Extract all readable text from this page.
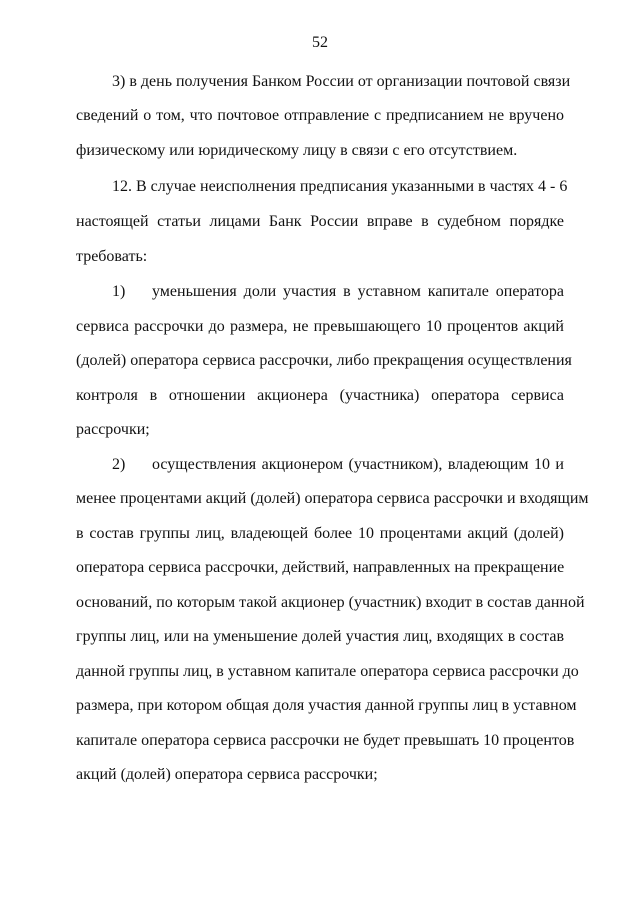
52
3) в день получения Банком России от организации почтовой связи
сведений о том, что почтовое отправление с предписанием не вручено
физическому или юридическому лицу в связи с его отсутствием.
12. В случае неисполнения предписания указанными в частях 4 - 6
настоящей статьи лицами Банк России вправе в судебном порядке
требовать:
1) уменьшения доли участия в уставном капитале оператора
сервиса рассрочки до размера, не превышающего 10 процентов акций
(долей) оператора сервиса рассрочки, либо прекращения осуществления
контроля в отношении акционера (участника) оператора сервиса
рассрочки;
2) осуществления акционером (участником), владеющим 10 и
менее процентами акций (долей) оператора сервиса рассрочки и входящим
в состав группы лиц, владеющей более 10 процентами акций (долей)
оператора сервиса рассрочки, действий, направленных на прекращение
оснований, по которым такой акционер (участник) входит в состав данной
группы лиц, или на уменьшение долей участия лиц, входящих в состав
данной группы лиц, в уставном капитале оператора сервиса рассрочки до
размера, при котором общая доля участия данной группы лиц в уставном
капитале оператора сервиса рассрочки не будет превышать 10 процентов
акций (долей) оператора сервиса рассрочки;
